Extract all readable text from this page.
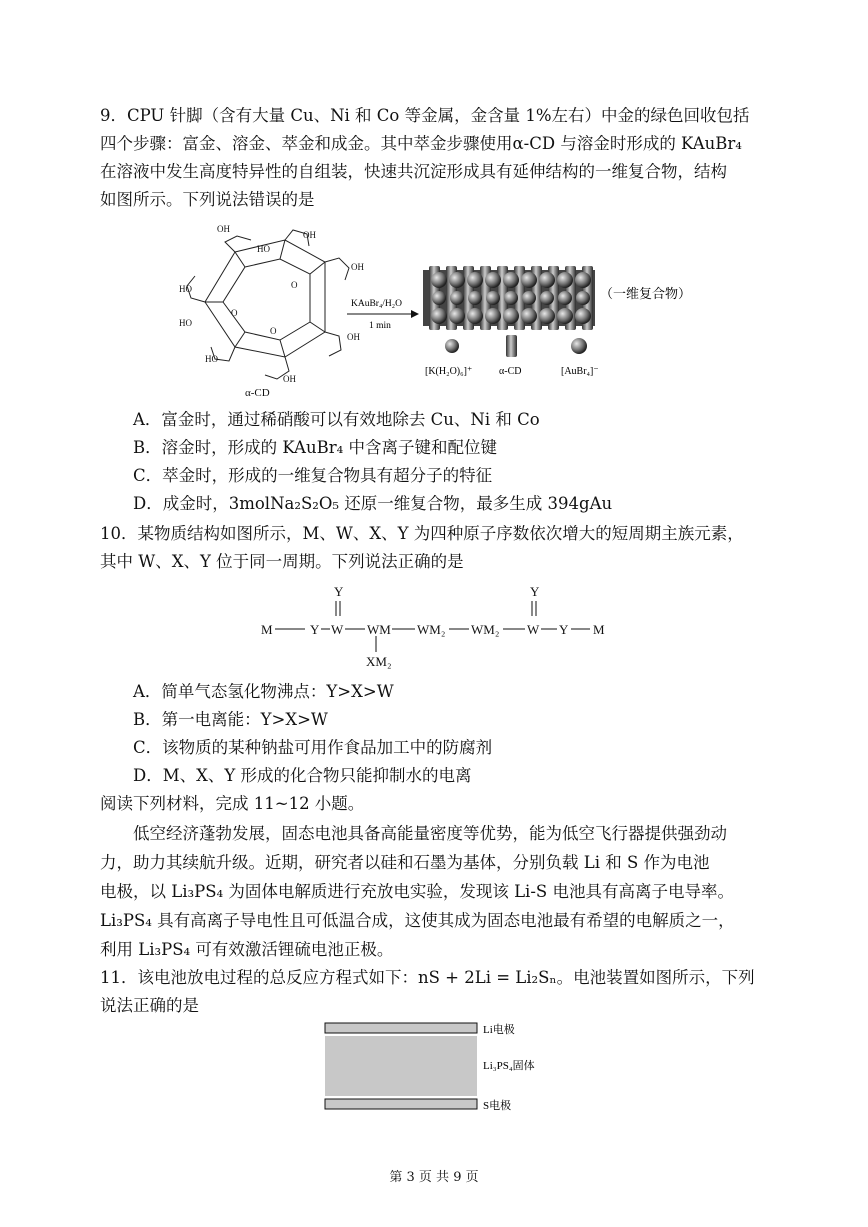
9．CPU 针脚（含有大量 Cu、Ni 和 Co 等金属，金含量 1%左右）中金的绿色回收包括
四个步骤：富金、溶金、萃金和成金。其中萃金步骤使用α-CD 与溶金时形成的 KAuBr₄
在溶液中发生高度特异性的自组装，快速共沉淀形成具有延伸结构的一维复合物，结构
如图所示。下列说法错误的是
OH
OH
OH
OH
OH
HO
HO
HO
HO
O
O
O
α-CD
KAuBr₄/H₂O
1 min
（一维复合物）
[K(H₂O)₆]⁺	α-CD	[AuBr₄]⁻
A．富金时，通过稀硝酸可以有效地除去 Cu、Ni 和 Co
B．溶金时，形成的 KAuBr₄ 中含离子键和配位键
C．萃金时，形成的一维复合物具有超分子的特征
D．成金时，3molNa₂S₂O₅ 还原一维复合物，最多生成 394gAu
10．某物质结构如图所示，M、W、X、Y 为四种原子序数依次增大的短周期主族元素，
其中 W、X、Y 位于同一周期。下列说法正确的是
M	Y W WM WM₂ WM₂ W Y M
Y	Y
XM₂
A．简单气态氢化物沸点：Y>X>W
B．第一电离能：Y>X>W
C．该物质的某种钠盐可用作食品加工中的防腐剂
D．M、X、Y 形成的化合物只能抑制水的电离
阅读下列材料，完成 11~12 小题。
低空经济蓬勃发展，固态电池具备高能量密度等优势，能为低空飞行器提供强劲动
力，助力其续航升级。近期，研究者以硅和石墨为基体，分别负载 Li 和 S 作为电池
电极，以 Li₃PS₄ 为固体电解质进行充放电实验，发现该 Li-S 电池具有高离子电导率。
Li₃PS₄ 具有高离子导电性且可低温合成，这使其成为固态电池最有希望的电解质之一，
利用 Li₃PS₄ 可有效激活锂硫电池正极。
11．该电池放电过程的总反应方程式如下：nS + 2Li = Li₂Sₙ。电池装置如图所示，下列
说法正确的是
Li电极
Li₃PS₄固体
S电极
第 3 页 共 9 页
